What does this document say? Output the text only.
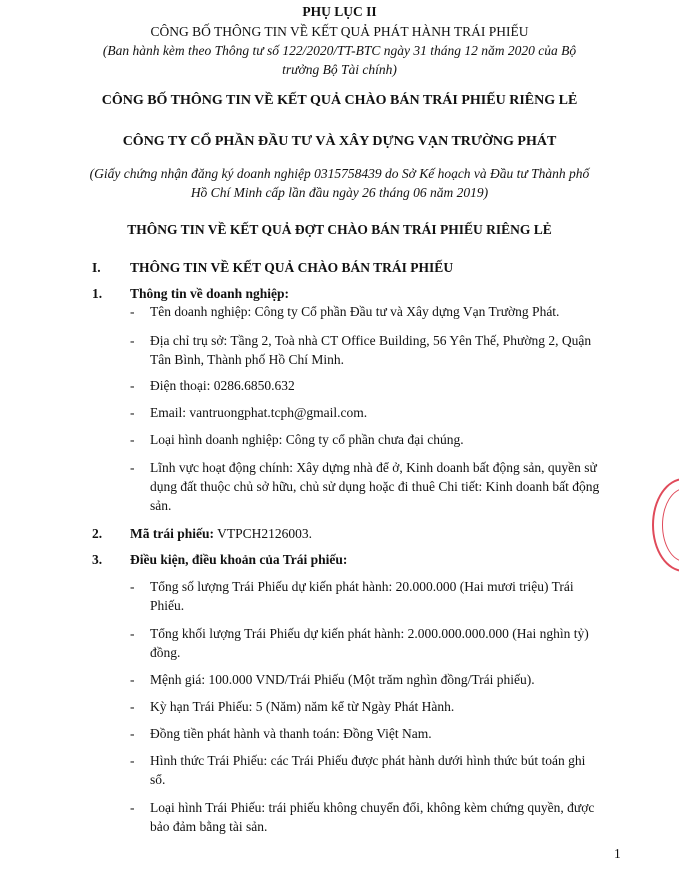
PHỤ LỤC II
CÔNG BỐ THÔNG TIN VỀ KẾT QUẢ PHÁT HÀNH TRÁI PHIẾU
(Ban hành kèm theo Thông tư số 122/2020/TT-BTC ngày 31 tháng 12 năm 2020 của Bộ
trưởng Bộ Tài chính)
CÔNG BỐ THÔNG TIN VỀ KẾT QUẢ CHÀO BÁN TRÁI PHIẾU RIÊNG LẺ
CÔNG TY CỔ PHẦN ĐẦU TƯ VÀ XÂY DỰNG VẠN TRƯỜNG PHÁT
(Giấy chứng nhận đăng ký doanh nghiệp 0315758439 do Sở Kế hoạch và Đầu tư Thành phố
Hồ Chí Minh cấp lần đầu ngày 26 tháng 06 năm 2019)
THÔNG TIN VỀ KẾT QUẢ ĐỢT CHÀO BÁN TRÁI PHIẾU RIÊNG LẺ
I. THÔNG TIN VỀ KẾT QUẢ CHÀO BÁN TRÁI PHIẾU
1. Thông tin về doanh nghiệp:
- Tên doanh nghiệp: Công ty Cổ phần Đầu tư và Xây dựng Vạn Trường Phát.
- Địa chỉ trụ sở: Tầng 2, Toà nhà CT Office Building, 56 Yên Thế, Phường 2, Quận
Tân Bình, Thành phố Hồ Chí Minh.
- Điện thoại: 0286.6850.632
- Email: vantruongphat.tcph@gmail.com.
- Loại hình doanh nghiệp: Công ty cổ phần chưa đại chúng.
- Lĩnh vực hoạt động chính: Xây dựng nhà để ở, Kinh doanh bất động sản, quyền sử
dụng đất thuộc chủ sở hữu, chủ sử dụng hoặc đi thuê Chi tiết: Kinh doanh bất động
sản.
2. Mã trái phiếu: VTPCH2126003.
3. Điều kiện, điều khoản của Trái phiếu:
- Tổng số lượng Trái Phiếu dự kiến phát hành: 20.000.000 (Hai mươi triệu) Trái
Phiếu.
- Tổng khối lượng Trái Phiếu dự kiến phát hành: 2.000.000.000.000 (Hai nghìn tỷ)
đồng.
- Mệnh giá: 100.000 VND/Trái Phiếu (Một trăm nghìn đồng/Trái phiếu).
- Kỳ hạn Trái Phiếu: 5 (Năm) năm kể từ Ngày Phát Hành.
- Đồng tiền phát hành và thanh toán: Đồng Việt Nam.
- Hình thức Trái Phiếu: các Trái Phiếu được phát hành dưới hình thức bút toán ghi
sổ.
- Loại hình Trái Phiếu: trái phiếu không chuyển đổi, không kèm chứng quyền, được
bảo đảm bằng tài sản.
1
